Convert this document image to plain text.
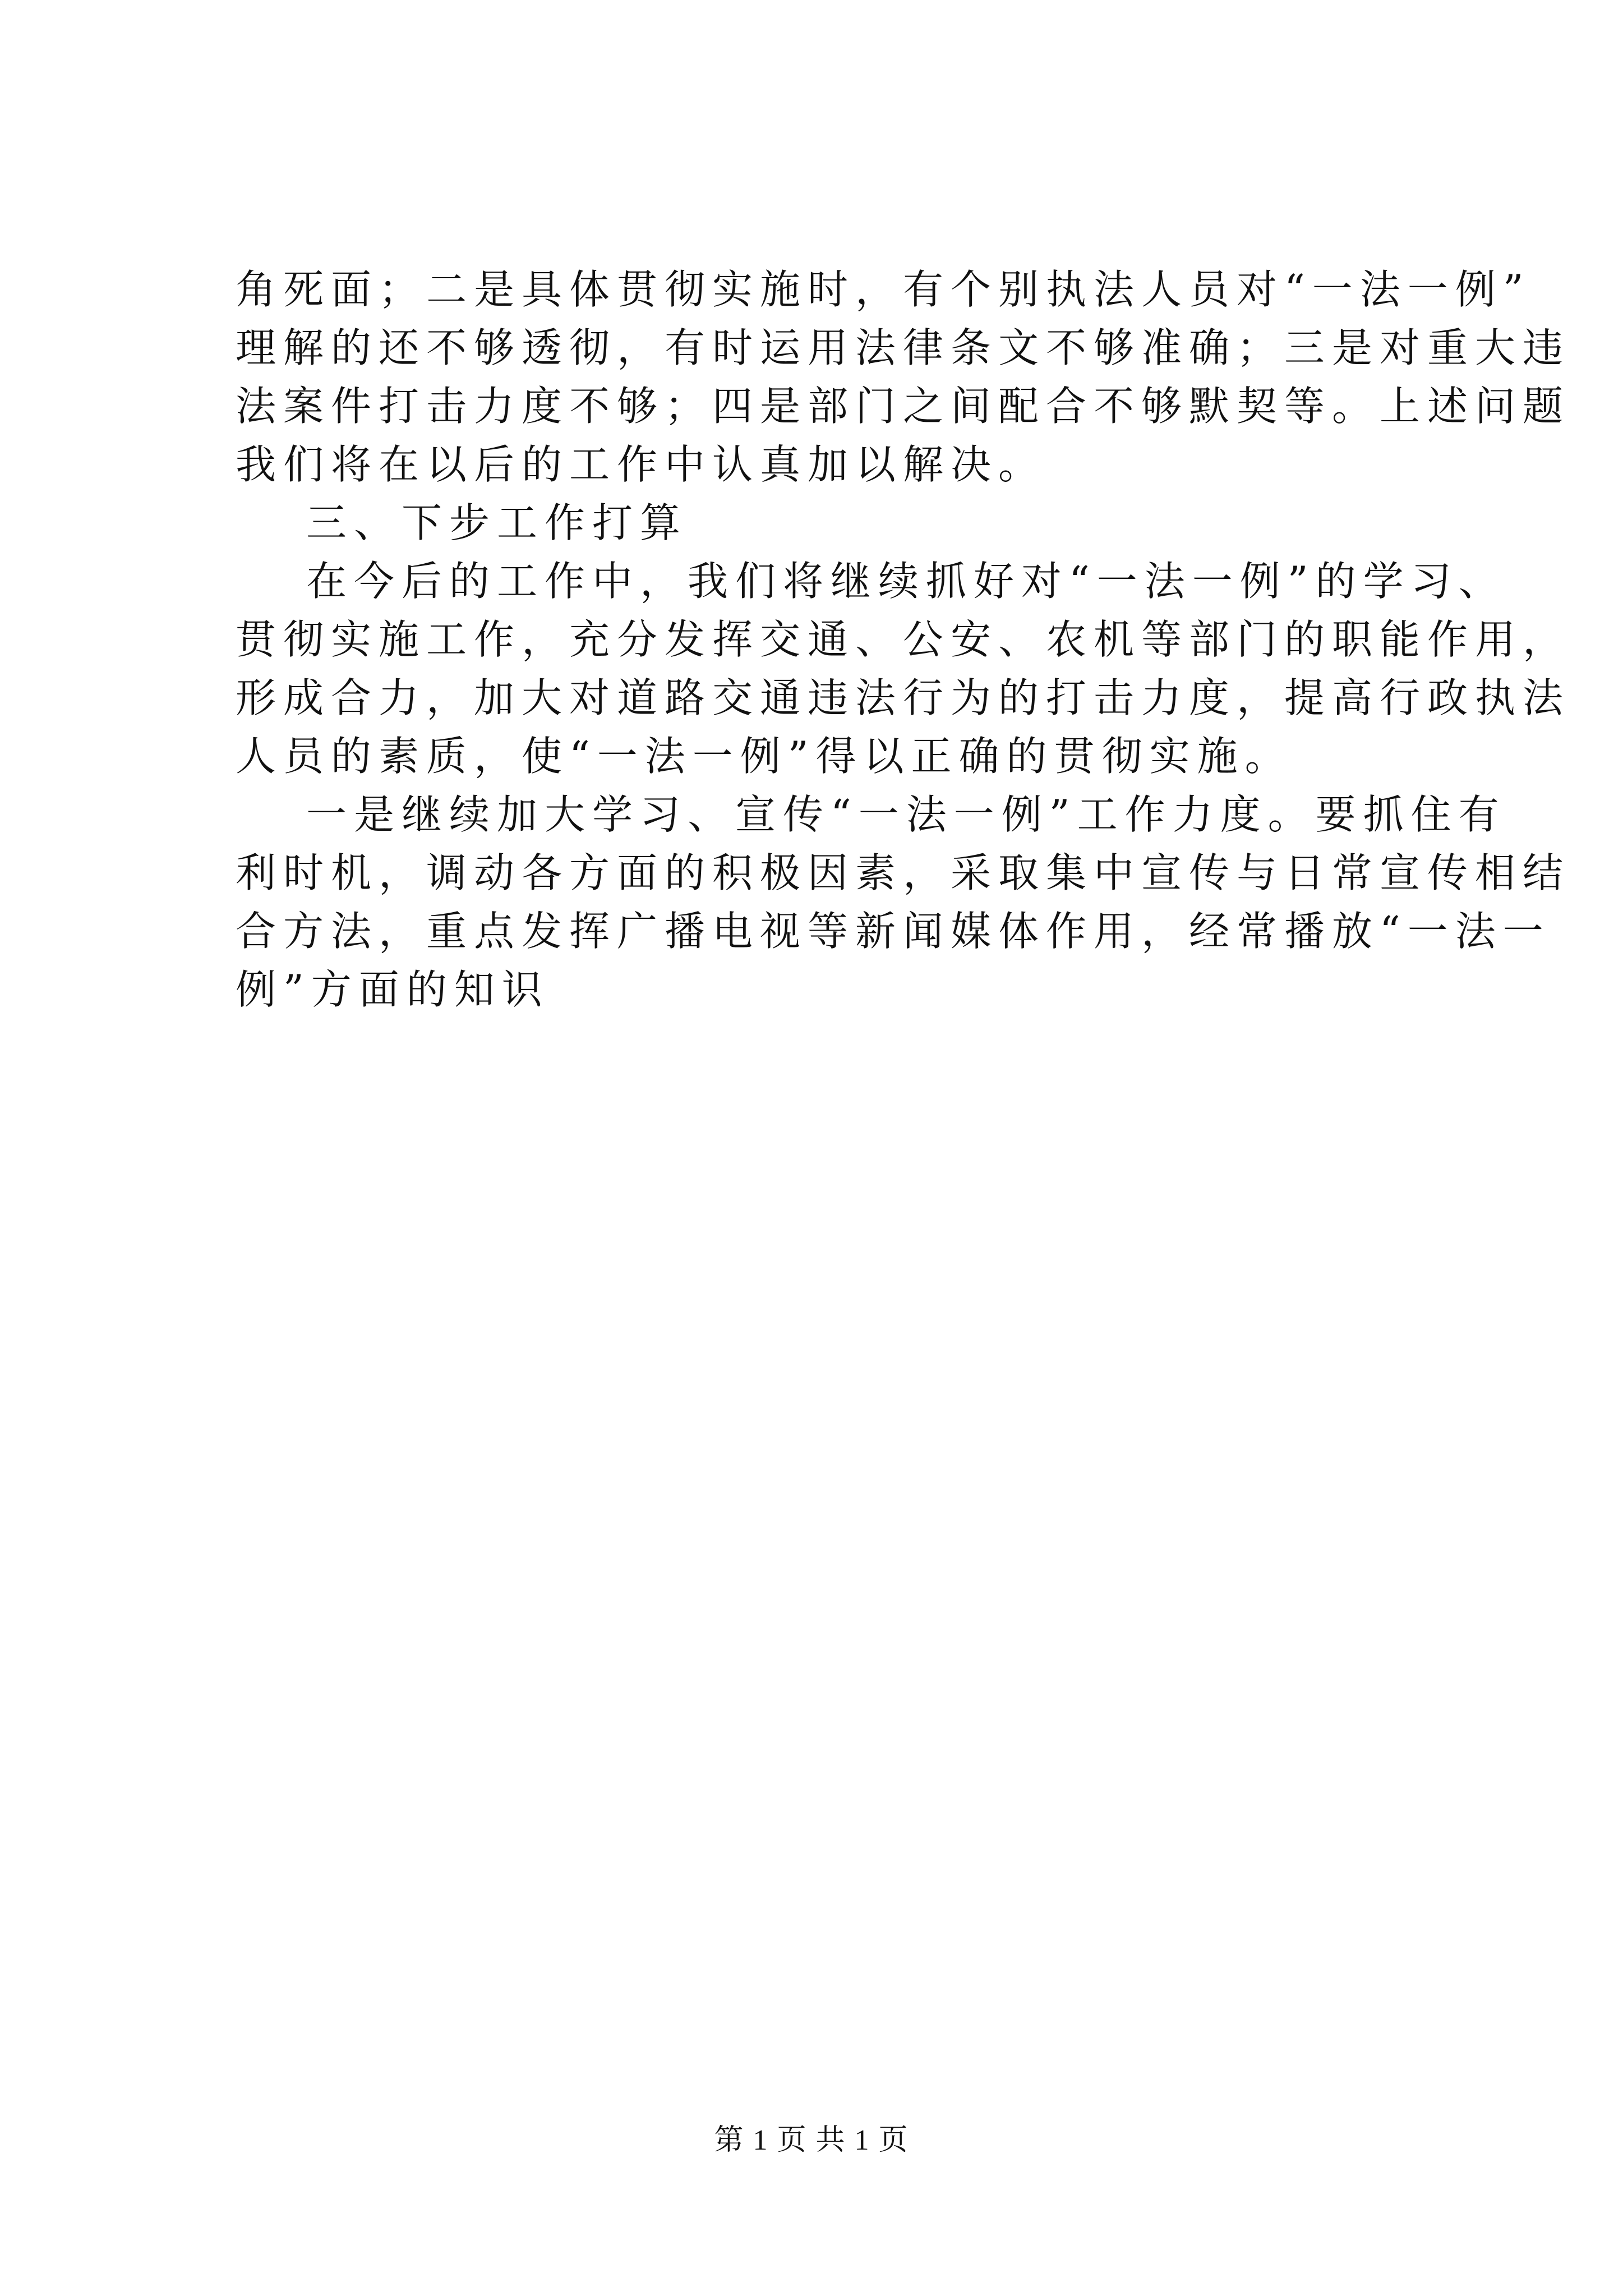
角死面；二是具体贯彻实施时，有个别执法人员对“一法一例”
理解的还不够透彻，有时运用法律条文不够准确；三是对重大违
法案件打击力度不够；四是部门之间配合不够默契等。上述问题
我们将在以后的工作中认真加以解决。
三、下步工作打算
在今后的工作中，我们将继续抓好对“一法一例”的学习、
贯彻实施工作，充分发挥交通、公安、农机等部门的职能作用，
形成合力，加大对道路交通违法行为的打击力度，提高行政执法
人员的素质，使“一法一例”得以正确的贯彻实施。
一是继续加大学习、宣传“一法一例”工作力度。要抓住有
利时机，调动各方面的积极因素，采取集中宣传与日常宣传相结
合方法，重点发挥广播电视等新闻媒体作用，经常播放“一法一
例”方面的知识
第 1 页 共 1 页
